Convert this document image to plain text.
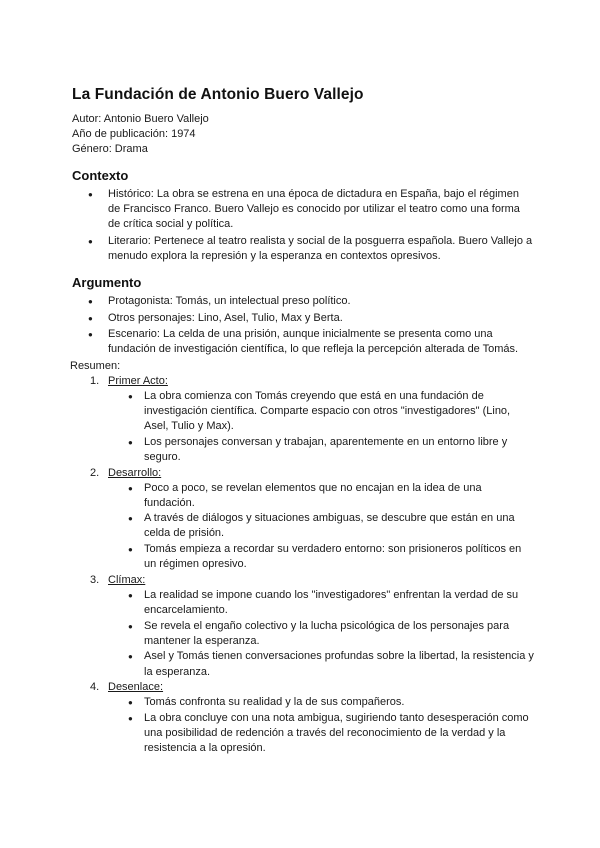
La Fundación de Antonio Buero Vallejo
Autor: Antonio Buero Vallejo
Año de publicación: 1974
Género: Drama
Contexto
● Histórico: La obra se estrena en una época de dictadura en España, bajo el régimen de Francisco Franco. Buero Vallejo es conocido por utilizar el teatro como una forma de crítica social y política.
● Literario: Pertenece al teatro realista y social de la posguerra española. Buero Vallejo a menudo explora la represión y la esperanza en contextos opresivos.
Argumento
● Protagonista: Tomás, un intelectual preso político.
● Otros personajes: Lino, Asel, Tulio, Max y Berta.
● Escenario: La celda de una prisión, aunque inicialmente se presenta como una fundación de investigación científica, lo que refleja la percepción alterada de Tomás.
Resumen:
1. Primer Acto:
● La obra comienza con Tomás creyendo que está en una fundación de investigación científica. Comparte espacio con otros "investigadores" (Lino, Asel, Tulio y Max).
● Los personajes conversan y trabajan, aparentemente en un entorno libre y seguro.
2. Desarrollo:
● Poco a poco, se revelan elementos que no encajan en la idea de una fundación.
● A través de diálogos y situaciones ambiguas, se descubre que están en una celda de prisión.
● Tomás empieza a recordar su verdadero entorno: son prisioneros políticos en un régimen opresivo.
3. Clímax:
● La realidad se impone cuando los "investigadores" enfrentan la verdad de su encarcelamiento.
● Se revela el engaño colectivo y la lucha psicológica de los personajes para mantener la esperanza.
● Asel y Tomás tienen conversaciones profundas sobre la libertad, la resistencia y la esperanza.
4. Desenlace:
● Tomás confronta su realidad y la de sus compañeros.
● La obra concluye con una nota ambigua, sugiriendo tanto desesperación como una posibilidad de redención a través del reconocimiento de la verdad y la resistencia a la opresión.
